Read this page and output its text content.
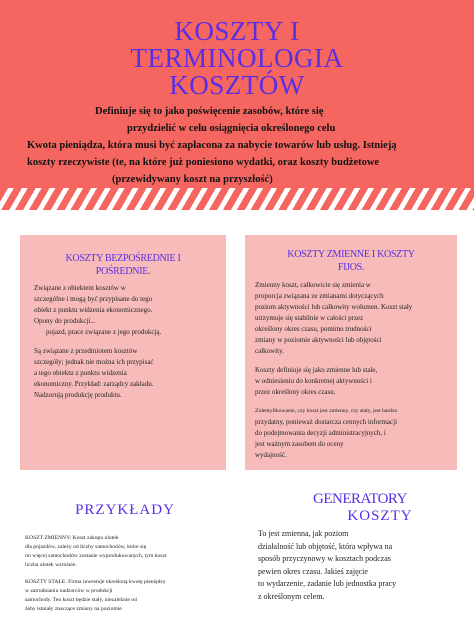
KOSZTY I
TERMINOLOGIA
KOSZTÓW
Definiuje się to jako poświęcenie zasobów, które się
przydzielić w celu osiągnięcia określonego celu
Kwota pieniądza, która musi być zapłacona za nabycie towarów lub usług. Istnieją
koszty rzeczywiste (te, na które już poniesiono wydatki, oraz koszty budżetowe
(przewidywany koszt na przyszłość)
KOSZTY BEZPOŚREDNIE I
POŚREDNIE.

Związane z obiektem kosztów w
szczególne i mogą być przypisane do tego
obiekt z punktu widzenia ekonomicznego.
Opony do produkcji...
pojazd, prace związane z jego produkcją.

Są związane z przedmiotem kosztów
szczegóły; jednak nie można ich przypisać
a tego obiektu z punktu widzenia
ekonomiczny. Przykład: zarządcy zakładu.
Nadzorują produkcję produktu.

KOSZTY ZMIENNE I KOSZTY
FIJOS.

Zmienny koszt, całkowicie się zmienia w
proporcja związana ze zmianami dotyczących
poziom aktywności lub całkowity wolumen. Koszt stały
utrzymuje się stabilnie w całości przez
określony okres czasu, pomimo trudności
zmiany w poziomie aktywności lub objętości
całkowity.

Koszty definiuje się jako zmienne lub stałe,
w odniesieniu do konkretnej aktywności i
przez określony okres czasu.

Zidentyfikowanie, czy koszt jest zmienny, czy stały, jest bardzo
przydatny, ponieważ dostarcza cennych informacji
do podejmowania decyzji administracyjnych, i
jest ważnym zasobem do oceny
wydajność.

PRZYKŁADY

KOSZT ZMIENNY: Koszt zakupu ulotek
dla pojazdów, zależy od liczby samochodów, które się
im więcej samochodów zostanie wyprodukowanych, tym koszt
liczba ulotek wzrośnie.

KOSZTY STAŁE: Firma inwestuje określoną kwotę pieniędzy
w zatrudnianiu nadzorców w produkcji
samochody. Ten koszt będzie stały, niezależnie od
żeby istniały znaczące zmiany na poziomie

GENERATORY
KOSZTY
To jest zmienna, jak poziom
działalność lub objętość, która wpływa na
sposób przyczynowy w kosztach podczas
pewien okres czasu. Jakieś zajęcie
to wydarzenie, zadanie lub jednostka pracy
z określonym celem.
